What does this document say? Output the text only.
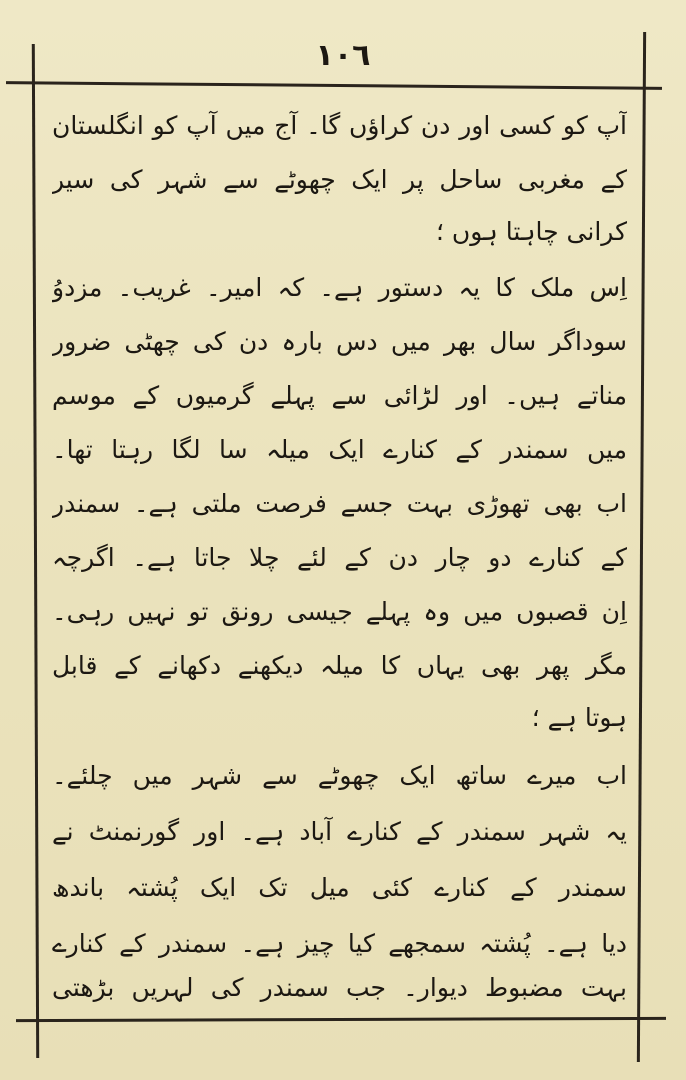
١٠٦
آپ کو کسی اور دن کراؤں گا۔ آج میں آپ کو انگلستان
کے مغربی ساحل پر ایک چھوٹے سے شہر کی سیر
کرانی چاہتا ہوں ؛
اِس ملک کا یہ دستور ہے۔ کہ امیر۔ غریب۔ مزدوُ
سوداگر سال بھر میں دس بارہ دن کی چھٹی ضرور
مناتے ہیں۔ اور لڑائی سے پہلے گرمیوں کے موسم
میں سمندر کے کنارے ایک میلہ سا لگا رہتا تھا۔
اب بھی تھوڑی بہت جسے فرصت ملتی ہے۔ سمندر
کے کنارے دو چار دن کے لئے چلا جاتا ہے۔ اگرچہ
اِن قصبوں میں وہ پہلے جیسی رونق تو نہیں رہی۔
مگر پھر بھی یہاں کا میلہ دیکھنے دکھانے کے قابل
ہوتا ہے ؛
اب میرے ساتھ ایک چھوٹے سے شہر میں چلئے۔
یہ شہر سمندر کے کنارے آباد ہے۔ اور گورنمنٹ نے
سمندر کے کنارے کئی میل تک ایک پُشتہ باندھ
دیا ہے۔ پُشتہ سمجھے کیا چیز ہے۔ سمندر کے کنارے
بہت مضبوط دیوار۔ جب سمندر کی لہریں بڑھتی
